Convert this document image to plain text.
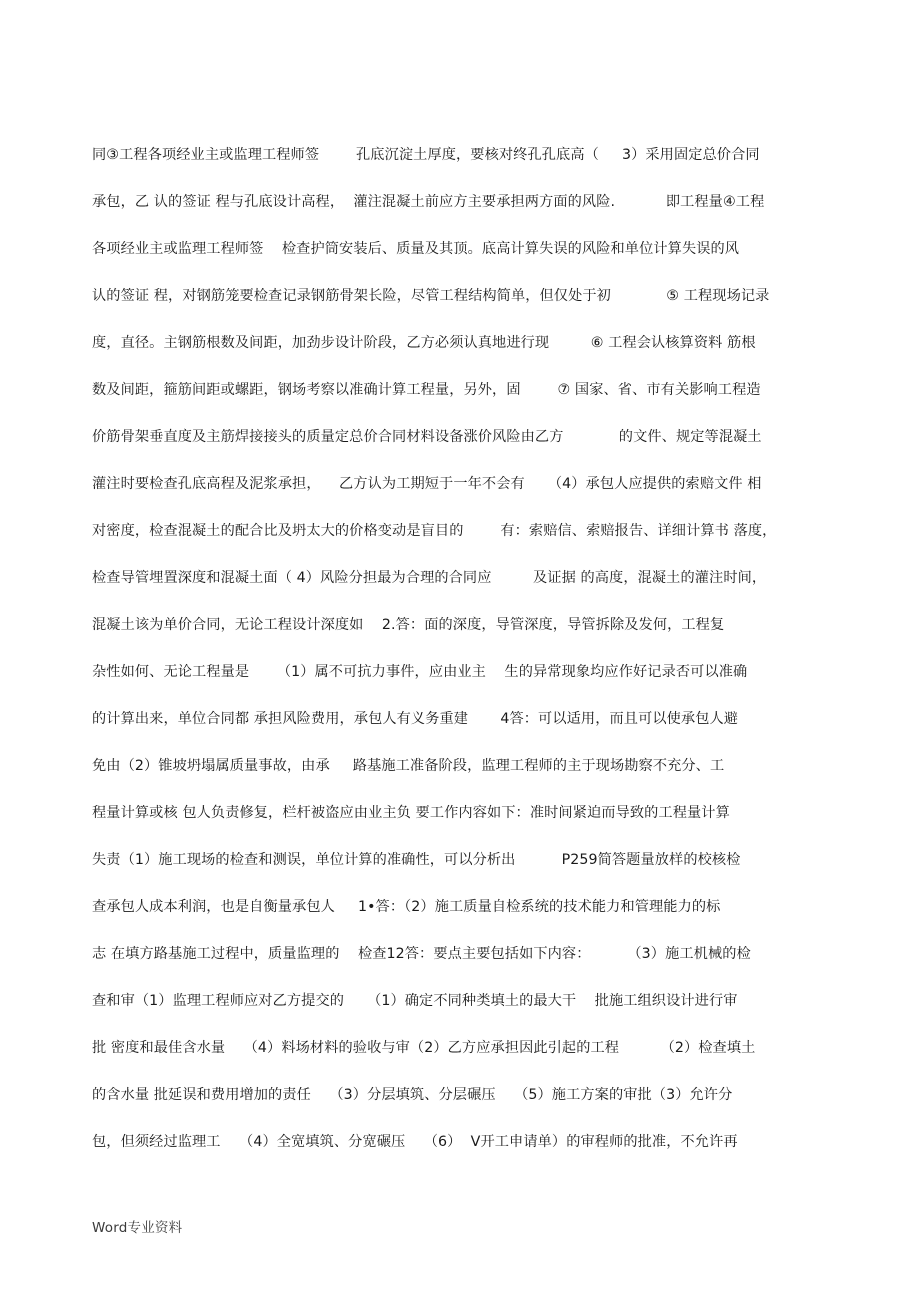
同③工程各项经业主或监理工程师签        孔底沉淀土厚度，要核对终孔孔底高（     3）采用固定总价合同
承包，乙 认的签证 程与孔底设计高程，  灌注混凝土前应方主要承担两方面的风险.           即工程量④工程
各项经业主或监理工程师签    检查护筒安装后、质量及其顶。底高计算失误的风险和单位计算失误的风
认的签证 程，对钢筋笼要检查记录钢筋骨架长险，尽管工程结构简单，但仅处于初            ⑤ 工程现场记录
度，直径。主钢筋根数及间距，加劲步设计阶段，乙方必须认真地进行现         ⑥ 工程会认核算资料 筋根
数及间距，箍筋间距或螺距，钢场考察以准确计算工程量，另外，固        ⑦ 国家、省、市有关影响工程造
价筋骨架垂直度及主筋焊接接头的质量定总价合同材料设备涨价风险由乙方            的文件、规定等混凝土
灌注时要检查孔底高程及泥浆承担，    乙方认为工期短于一年不会有     （4）承包人应提供的索赔文件 相
对密度，检查混凝土的配合比及坍太大的价格变动是盲目的        有：索赔信、索赔报告、详细计算书 落度，
检查导管埋置深度和混凝土面（ 4）风险分担最为合理的合同应         及证据 的高度，混凝土的灌注时间，
混凝土该为单价合同，无论工程设计深度如    2.答：面的深度，导管深度，导管拆除及发何，工程复
杂性如何、无论工程量是      （1）属不可抗力事件，应由业主    生的异常现象均应作好记录否可以准确
的计算出来，单位合同都 承担风险费用，承包人有义务重建       4答：可以适用，而且可以使承包人避
免由（2）锥坡坍塌属质量事故，由承     路基施工准备阶段，监理工程师的主于现场勘察不充分、工
程量计算或核 包人负责修复，栏杆被盗应由业主负 要工作内容如下：准时间紧迫而导致的工程量计算
失责（1）施工现场的检查和测误，单位计算的准确性，可以分析出          P259简答题量放样的校核检
查承包人成本利润，也是自衡量承包人     1•答：（2）施工质量自检系统的技术能力和管理能力的标
志 在填方路基施工过程中，质量监理的    检查12答：要点主要包括如下内容：        （3）施工机械的检
查和审（1）监理工程师应对乙方提交的     （1）确定不同种类填土的最大干    批施工组织设计进行审
批 密度和最佳含水量    （4）料场材料的验收与审（2）乙方应承担因此引起的工程         （2）检查填土
的含水量 批延误和费用增加的责任    （3）分层填筑、分层碾压    （5）施工方案的审批（3）允许分
包，但须经过监理工    （4）全宽填筑、分宽碾压    （6）  V开工申请单）的审程师的批准，不允许再
Word专业资料
